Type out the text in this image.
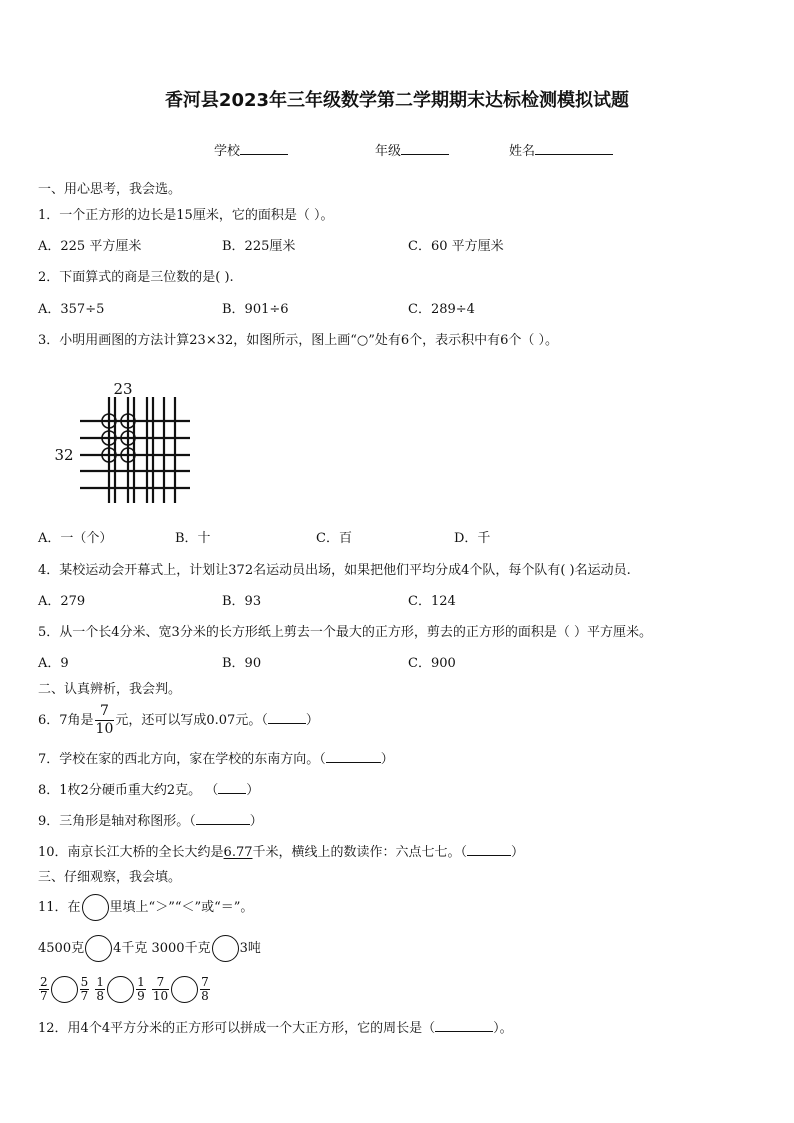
香河县2023年三年级数学第二学期期末达标检测模拟试题
学校	年级	姓名
一、用心思考，我会选。
1．一个正方形的边长是15厘米，它的面积是（ ）。
A．225 平方厘米	B．225厘米	C．60 平方厘米
2．下面算式的商是三位数的是( ).
A．357÷5	B．901÷6	C．289÷4
3．小明用画图的方法计算23×32，如图所示，图上画“○”处有6个，表示积中有6个（ ）。
23
32
A．一（个）	B．十	C．百	D．千
4．某校运动会开幕式上，计划让372名运动员出场，如果把他们平均分成4个队，每个队有( )名运动员.
A．279	B．93	C．124
5．从一个长4分米、宽3分米的长方形纸上剪去一个最大的正方形，剪去的正方形的面积是（ ）平方厘米。
A．9	B．90	C．900
二、认真辨析，我会判。
6．7角是 $\frac{7}{10}$ 元，还可以写成0.07元。（	）
7．学校在家的西北方向，家在学校的东南方向。（	）
8．1枚2分硬币重大约2克。 （ ）
9．三角形是轴对称图形。（	）
10．南京长江大桥的全长大约是6.77千米，横线上的数读作：六点七七。（	）
三、仔细观察，我会填。
11．在 里填上“＞”“＜”或“＝”。
4500克 4千克 3000千克 3吨
$\frac{2}{7}$	$\frac{5}{7}$
$\frac{1}{8}$	$\frac{1}{9}$
$\frac{7}{10}$	$\frac{7}{8}$
12．用4个4平方分米的正方形可以拼成一个大正方形，它的周长是（	）。
